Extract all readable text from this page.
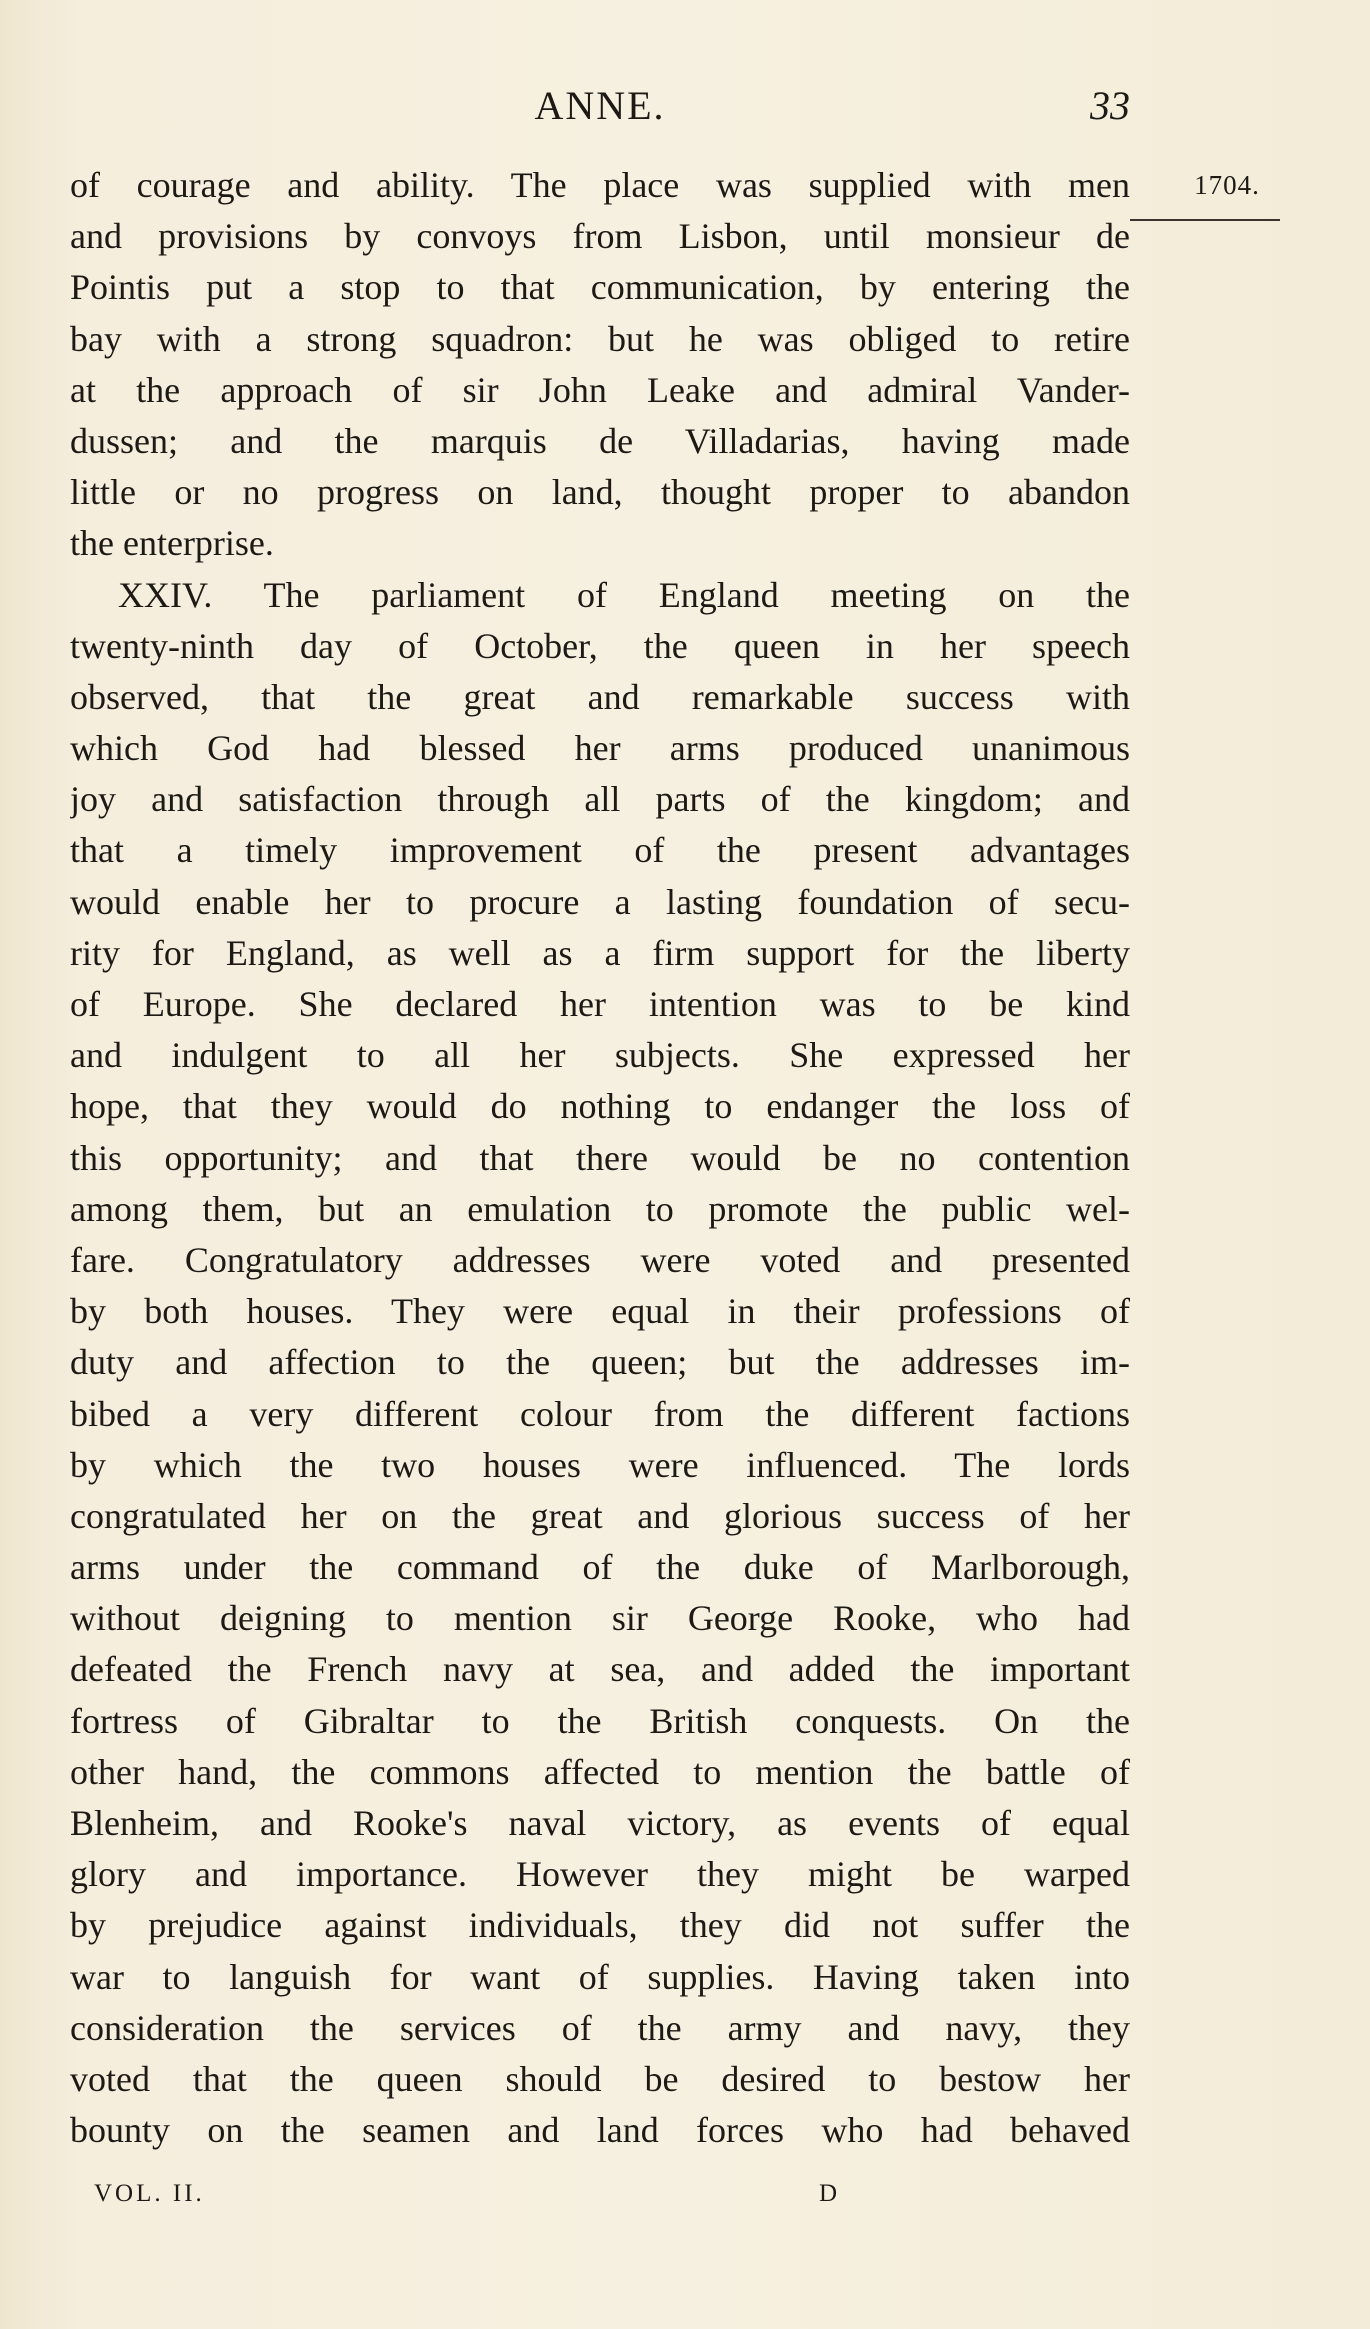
ANNE.	33
1704.
of courage and ability. The place was supplied with men
and provisions by convoys from Lisbon, until monsieur de
Pointis put a stop to that communication, by entering the
bay with a strong squadron: but he was obliged to retire
at the approach of sir John Leake and admiral Vander-
dussen; and the marquis de Villadarias, having made
little or no progress on land, thought proper to abandon
the enterprise.
XXIV. The parliament of England meeting on the
twenty-ninth day of October, the queen in her speech
observed, that the great and remarkable success with
which God had blessed her arms produced unanimous
joy and satisfaction through all parts of the kingdom; and
that a timely improvement of the present advantages
would enable her to procure a lasting foundation of secu-
rity for England, as well as a firm support for the liberty
of Europe. She declared her intention was to be kind
and indulgent to all her subjects. She expressed her
hope, that they would do nothing to endanger the loss of
this opportunity; and that there would be no contention
among them, but an emulation to promote the public wel-
fare. Congratulatory addresses were voted and presented
by both houses. They were equal in their professions of
duty and affection to the queen; but the addresses im-
bibed a very different colour from the different factions
by which the two houses were influenced. The lords
congratulated her on the great and glorious success of her
arms under the command of the duke of Marlborough,
without deigning to mention sir George Rooke, who had
defeated the French navy at sea, and added the important
fortress of Gibraltar to the British conquests. On the
other hand, the commons affected to mention the battle of
Blenheim, and Rooke's naval victory, as events of equal
glory and importance. However they might be warped
by prejudice against individuals, they did not suffer the
war to languish for want of supplies. Having taken into
consideration the services of the army and navy, they
voted that the queen should be desired to bestow her
bounty on the seamen and land forces who had behaved
VOL. II.	D
